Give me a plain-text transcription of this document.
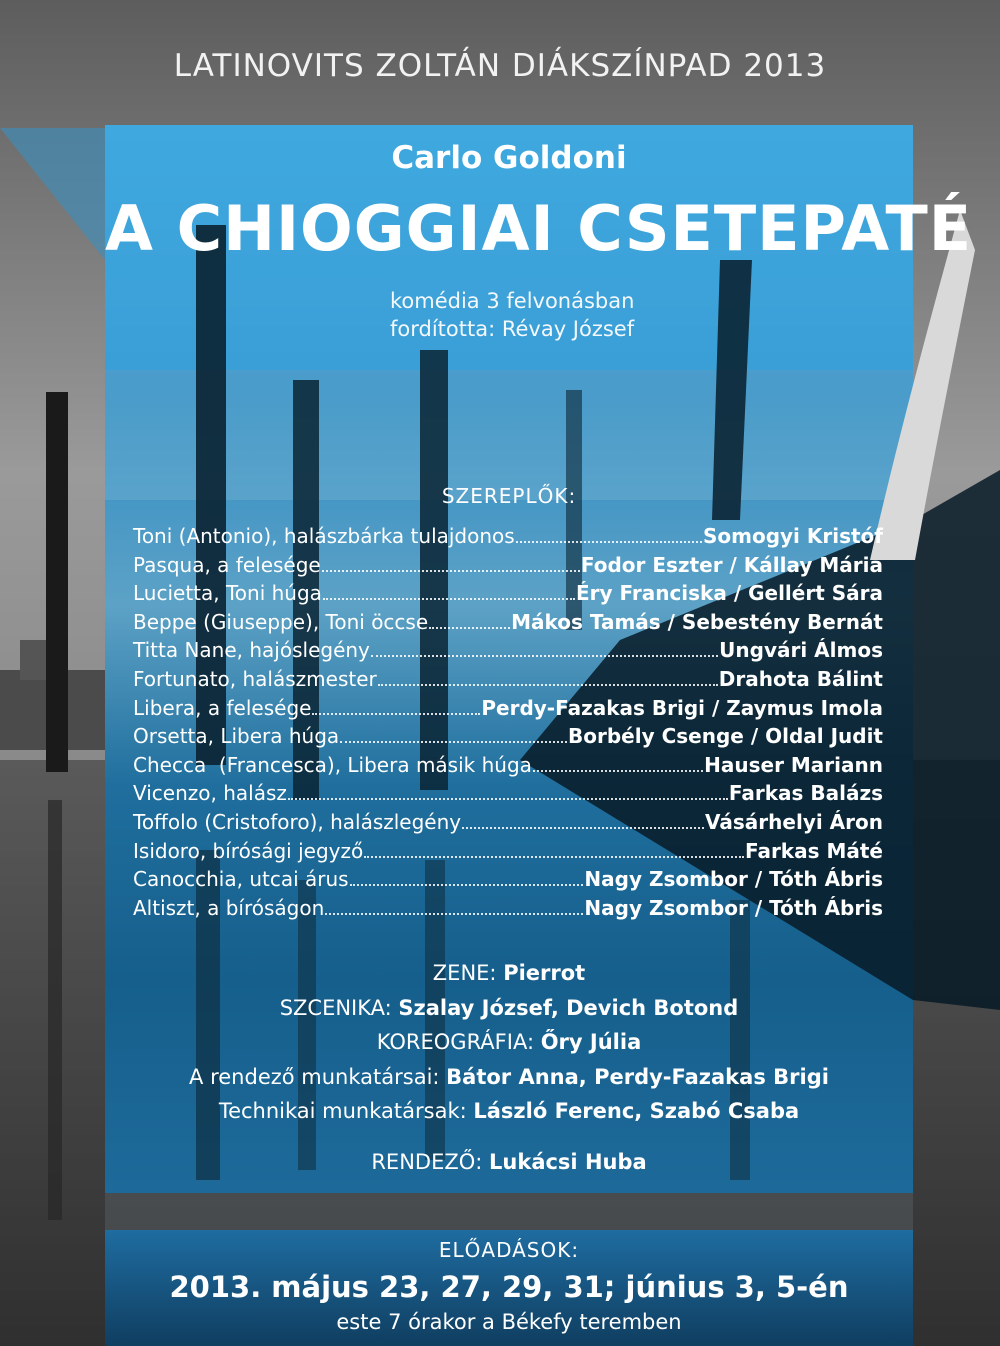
LATINOVITS ZOLTÁN DIÁKSZÍNPAD 2013
Carlo Goldoni
A CHIOGGIAI CSETEPATÉ
komédia 3 felvonásban
fordította: Révay József
SZEREPLŐK:
Toni (Antonio), halászbárka tulajdonos	Somogyi Kristóf
Pasqua, a felesége	Fodor Eszter / Kállay Mária
Lucietta, Toni húga	Éry Franciska / Gellért Sára
Beppe (Giuseppe), Toni öccse	Mákos Tamás / Sebestény Bernát
Titta Nane, hajóslegény	Ungvári Álmos
Fortunato, halászmester	Drahota Bálint
Libera, a felesége	Perdy-Fazakas Brigi / Zaymus Imola
Orsetta, Libera húga	Borbély Csenge / Oldal Judit
Checca  (Francesca), Libera másik húga	Hauser Mariann
Vicenzo, halász	Farkas Balázs
Toffolo (Cristoforo), halászlegény	Vásárhelyi Áron
Isidoro, bírósági jegyző	Farkas Máté
Canocchia, utcai árus	Nagy Zsombor / Tóth Ábris
Altiszt, a bíróságon	Nagy Zsombor / Tóth Ábris
ZENE: Pierrot
SZCENIKA: Szalay József, Devich Botond
KOREOGRÁFIA: Őry Júlia
A rendező munkatársai: Bátor Anna, Perdy-Fazakas Brigi
Technikai munkatársak: László Ferenc, Szabó Csaba
RENDEZŐ: Lukácsi Huba
ELŐADÁSOK:
2013. május 23, 27, 29, 31; június 3, 5-én
este 7 órakor a Békefy teremben
